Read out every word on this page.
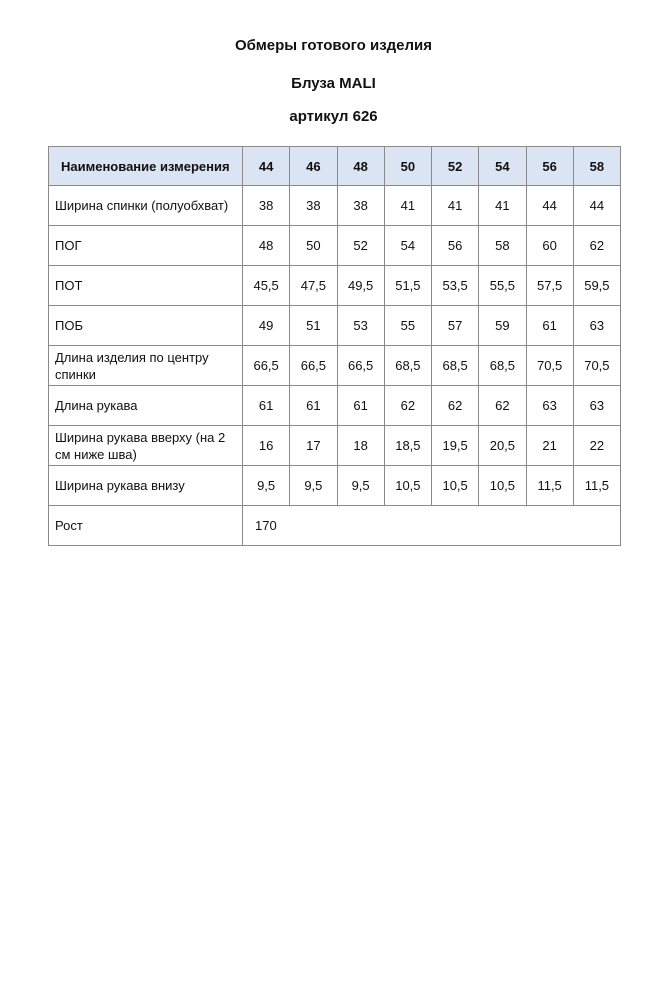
Обмеры готового изделия
Блуза MALI
артикул 626
Наименование измерения	44	46	48	50	52	54	56	58
Ширина спинки (полуобхват)	38	38	38	41	41	41	44	44
ПОГ	48	50	52	54	56	58	60	62
ПОТ	45,5	47,5	49,5	51,5	53,5	55,5	57,5	59,5
ПОБ	49	51	53	55	57	59	61	63
Длина изделия по центру спинки	66,5	66,5	66,5	68,5	68,5	68,5	70,5	70,5
Длина рукава	61	61	61	62	62	62	63	63
Ширина рукава вверху (на 2 см ниже шва)	16	17	18	18,5	19,5	20,5	21	22
Ширина рукава внизу	9,5	9,5	9,5	10,5	10,5	10,5	11,5	11,5
Рост	170							
